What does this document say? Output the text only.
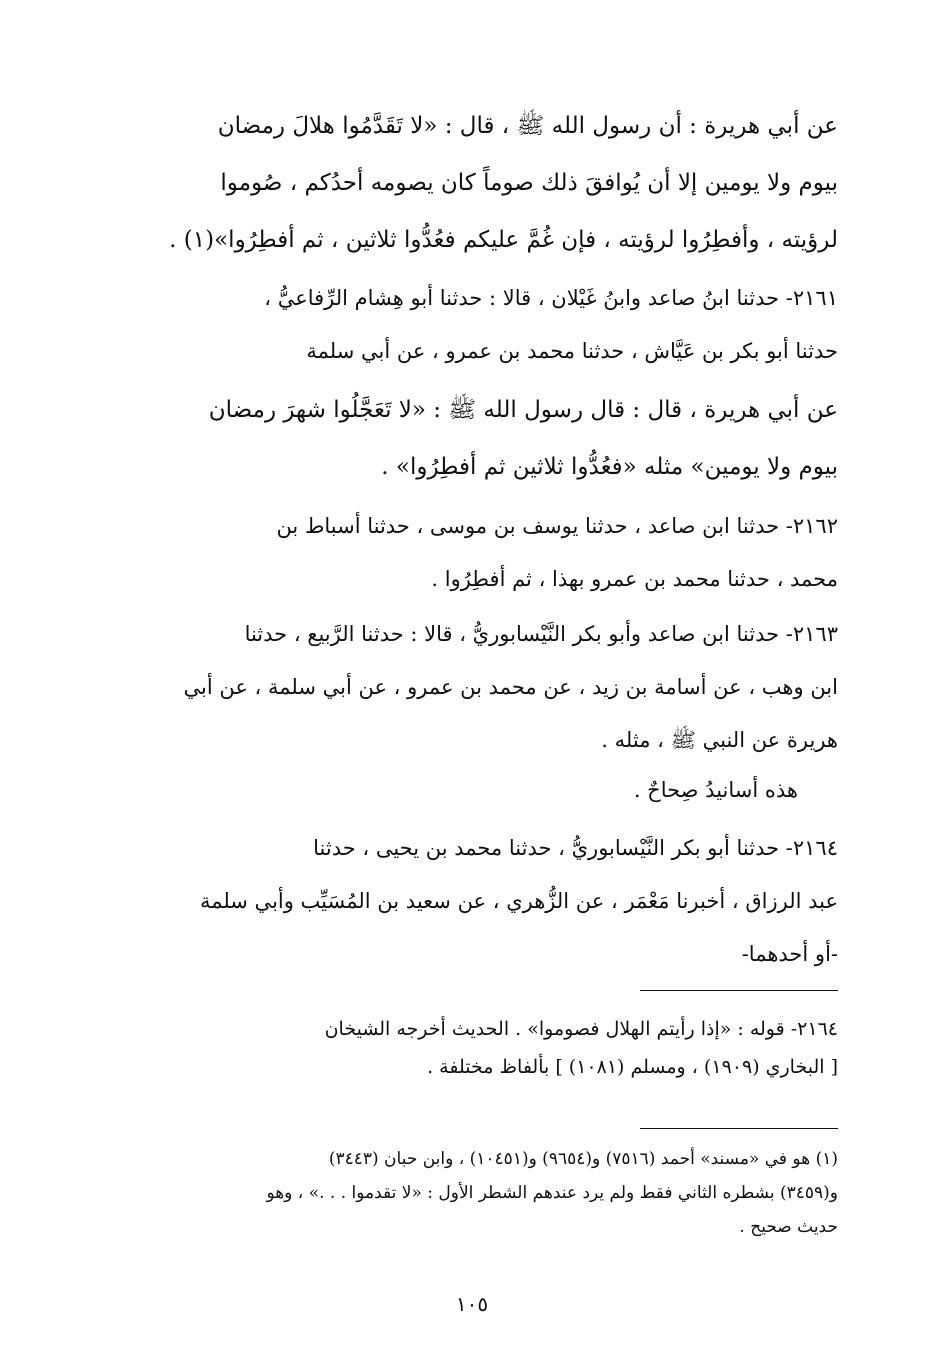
عن أبي هريرة : أن رسول الله ﷺ ، قال : «لا تَقَدَّمُوا هلالَ رمضان
بيوم ولا يومين إلا أن يُوافقَ ذلك صوماً كان يصومه أحدُكم ، صُوموا
لرؤيته ، وأفطِرُوا لرؤيته ، فإن غُمَّ عليكم فعُدُّوا ثلاثين ، ثم أفطِرُوا»(١) .
٢١٦١- حدثنا ابنُ صاعد وابنُ غَيْلان ، قالا : حدثنا أبو هِشام الرِّفاعيُّ ،
حدثنا أبو بكر بن عَيَّاش ، حدثنا محمد بن عمرو ، عن أبي سلمة
عن أبي هريرة ، قال : قال رسول الله ﷺ : «لا تَعَجَّلُوا شهرَ رمضان
بيوم ولا يومين» مثله «فعُدُّوا ثلاثين ثم أفطِرُوا» .
٢١٦٢- حدثنا ابن صاعد ، حدثنا يوسف بن موسى ، حدثنا أسباط بن
محمد ، حدثنا محمد بن عمرو بهذا ، ثم أفطِرُوا .
٢١٦٣- حدثنا ابن صاعد وأبو بكر النَّيْسابوريُّ ، قالا : حدثنا الرَّبيع ، حدثنا
ابن وهب ، عن أسامة بن زيد ، عن محمد بن عمرو ، عن أبي سلمة ، عن أبي
هريرة عن النبي ﷺ ، مثله .
هذه أسانيدُ صِحاحٌ .
٢١٦٤- حدثنا أبو بكر النَّيْسابوريُّ ، حدثنا محمد بن يحيى ، حدثنا
عبد الرزاق ، أخبرنا مَعْمَر ، عن الزُّهري ، عن سعيد بن المُسَيِّب وأبي سلمة
-أو أحدهما-
٢١٦٤- قوله : «إذا رأيتم الهلال فصوموا» . الحديث أخرجه الشيخان
[ البخاري (١٩٠٩) ، ومسلم (١٠٨١) ] بألفاظ مختلفة .
(١) هو في «مسند» أحمد (٧٥١٦) و(٩٦٥٤) و(١٠٤٥١) ، وابن حبان (٣٤٤٣)
و(٣٤٥٩) بشطره الثاني فقط ولم يرد عندهم الشطر الأول : «لا تقدموا . . .» ، وهو
حديث صحيح .
١٠٥
